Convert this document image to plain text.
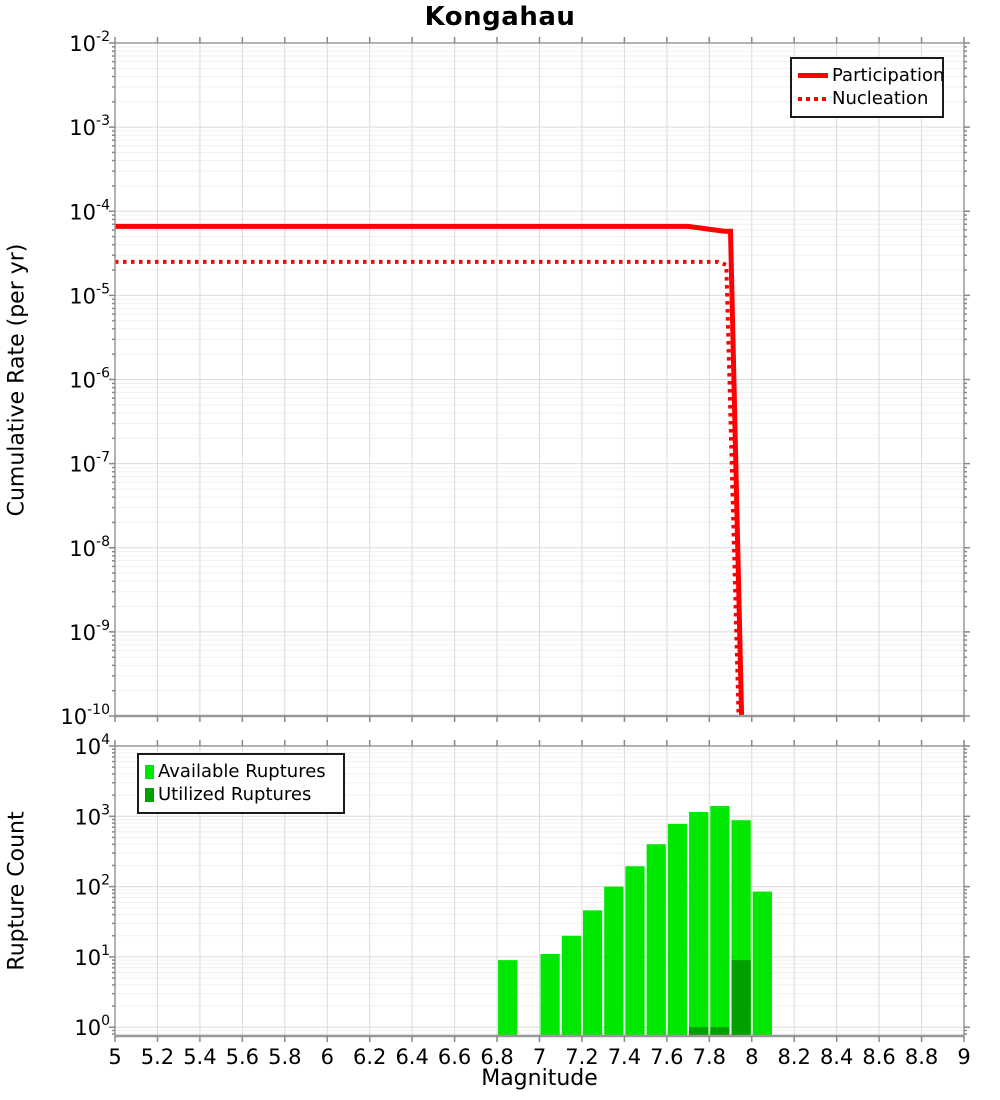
$10^{-2}$
$10^{-3}$
$10^{-4}$
$10^{-5}$
$10^{-6}$
$10^{-7}$
$10^{-8}$
$10^{-9}$
$10^{-10}$
$10^4$
$10^3$
$10^2$
$10^1$
$10^0$
5 5.2 5.4 5.6 5.8 6 6.2 6.4 6.6 6.8 7 7.2 7.4 7.6 7.8 8 8.2 8.4 8.6 8.8 9
Kongahau
Cumulative Rate (per yr)
Rupture Count
Magnitude
Participation
Nucleation
Available Ruptures
Utilized Ruptures
